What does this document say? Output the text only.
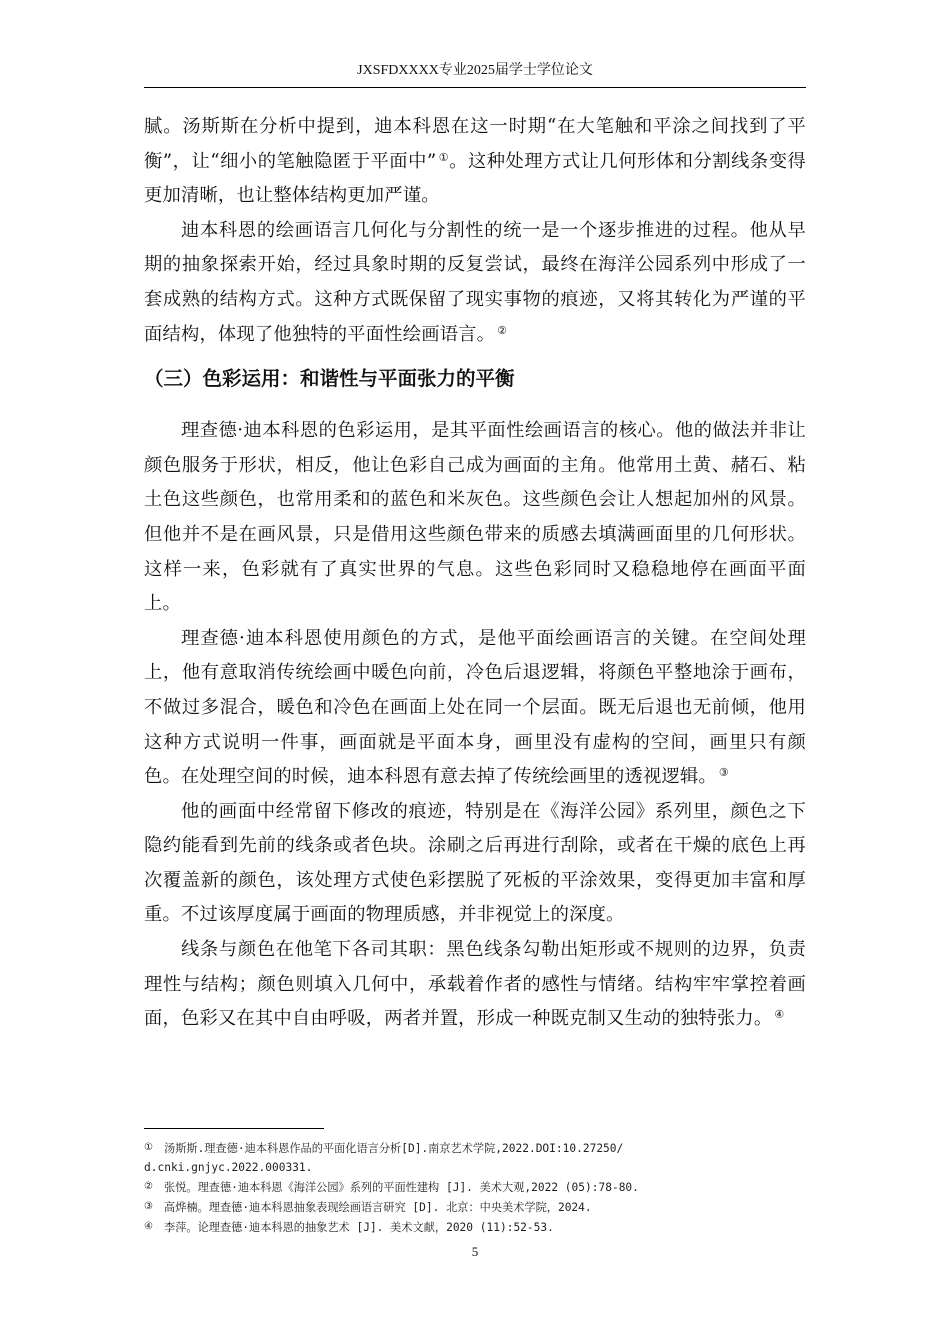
JXSFDXXXX专业2025届学士学位论文

腻。汤斯斯在分析中提到，迪本科恩在这一时期“在大笔触和平涂之间找到了平衡”，让“细小的笔触隐匿于平面中” ①。这种处理方式让几何形体和分割线条变得更加清晰，也让整体结构更加严谨。

迪本科恩的绘画语言几何化与分割性的统一是一个逐步推进的过程。他从早期的抽象探索开始，经过具象时期的反复尝试，最终在海洋公园系列中形成了一套成熟的结构方式。这种方式既保留了现实事物的痕迹，又将其转化为严谨的平面结构，体现了他独特的平面性绘画语言。 ②

（三）色彩运用：和谐性与平面张力的平衡

理查德·迪本科恩的色彩运用，是其平面性绘画语言的核心。他的做法并非让颜色服务于形状，相反，他让色彩自己成为画面的主角。他常用土黄、赭石、粘土色这些颜色，也常用柔和的蓝色和米灰色。这些颜色会让人想起加州的风景。但他并不是在画风景，只是借用这些颜色带来的质感去填满画面里的几何形状。这样一来，色彩就有了真实世界的气息。这些色彩同时又稳稳地停在画面平面上。

理查德·迪本科恩使用颜色的方式，是他平面绘画语言的关键。在空间处理上，他有意取消传统绘画中暖色向前，冷色后退逻辑，将颜色平整地涂于画布，不做过多混合，暖色和冷色在画面上处在同一个层面。既无后退也无前倾，他用这种方式说明一件事，画面就是平面本身，画里没有虚构的空间，画里只有颜色。在处理空间的时候，迪本科恩有意去掉了传统绘画里的透视逻辑。 ③

他的画面中经常留下修改的痕迹，特别是在《海洋公园》系列里，颜色之下隐约能看到先前的线条或者色块。涂刷之后再进行刮除，或者在干燥的底色上再次覆盖新的颜色，该处理方式使色彩摆脱了死板的平涂效果，变得更加丰富和厚重。不过该厚度属于画面的物理质感，并非视觉上的深度。

线条与颜色在他笔下各司其职：黑色线条勾勒出矩形或不规则的边界，负责理性与结构；颜色则填入几何中，承载着作者的感性与情绪。结构牢牢掌控着画面，色彩又在其中自由呼吸，两者并置，形成一种既克制又生动的独特张力。 ④

① 汤斯斯.理查德·迪本科恩作品的平面化语言分析[D].南京艺术学院,2022.DOI:10.27250/

d.cnki.gnjyc.2022.000331.

② 张悦。理查德·迪本科恩《海洋公园》系列的平面性建构 [J]. 美术大观,2022 (05):78-80.

③ 高烨楠。理查德·迪本科恩抽象表现绘画语言研究 [D]. 北京：中央美术学院，2024.

④ 李萍。论理查德·迪本科恩的抽象艺术 [J]. 美术文献，2020 (11):52-53.

5
